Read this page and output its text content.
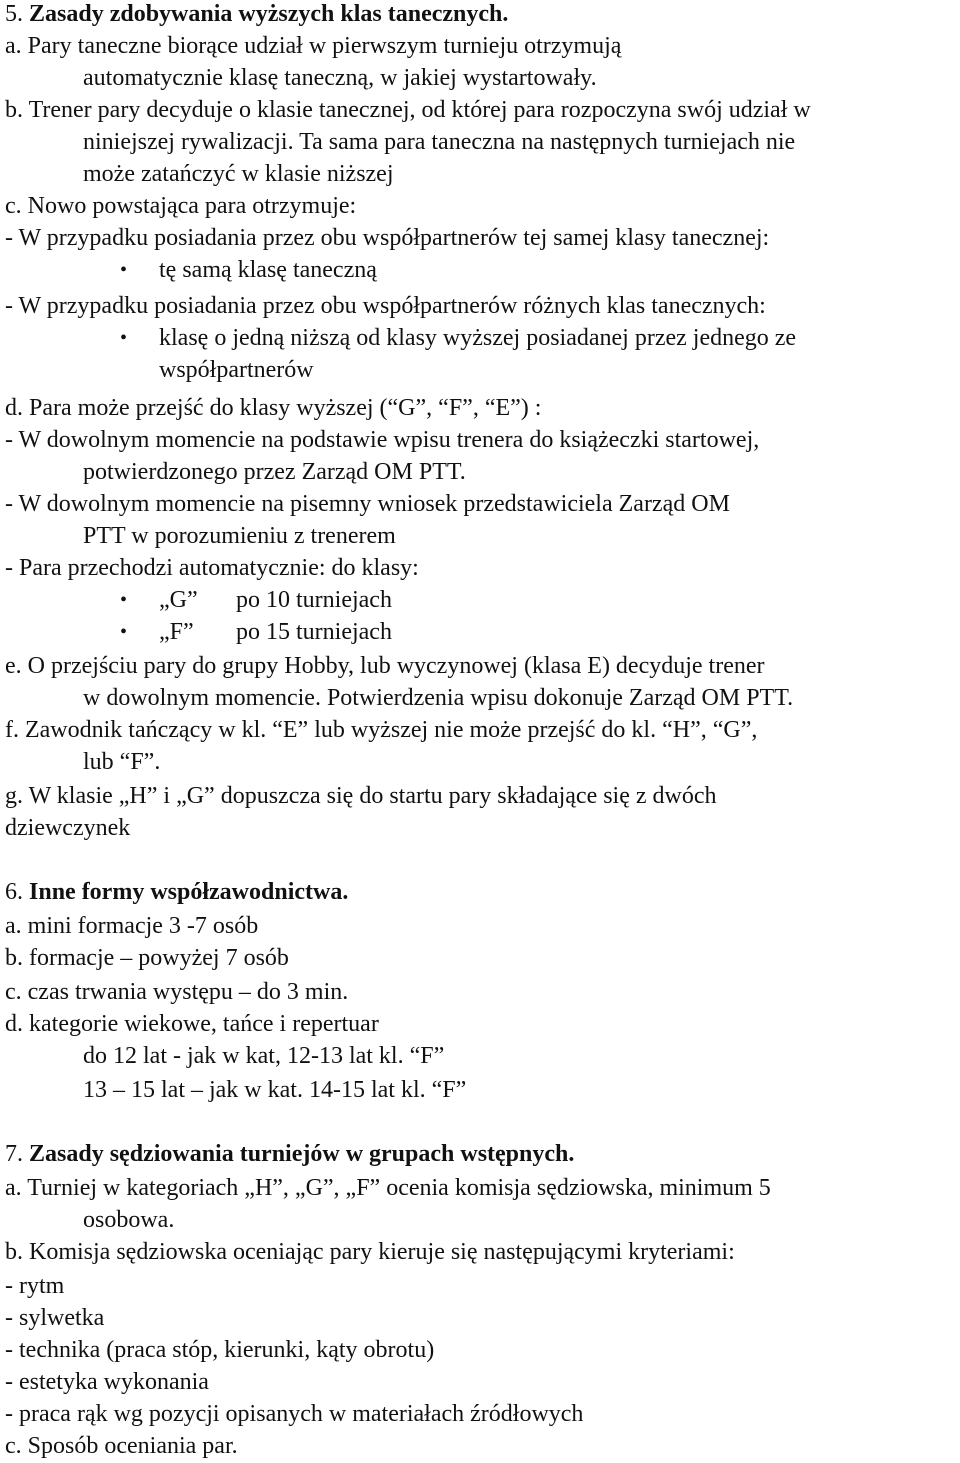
5. Zasady zdobywania wyższych klas tanecznych.
a. Pary taneczne biorące udział w pierwszym turnieju otrzymują
automatycznie klasę taneczną, w jakiej wystartowały.
b. Trener pary decyduje o klasie tanecznej, od której para rozpoczyna swój udział w
niniejszej rywalizacji. Ta sama para taneczna na następnych turniejach nie
może zatańczyć w klasie niższej
c. Nowo powstająca para otrzymuje:
- W przypadku posiadania przez obu współpartnerów tej samej klasy tanecznej:
• tę samą klasę taneczną
- W przypadku posiadania przez obu współpartnerów różnych klas tanecznych:
• klasę o jedną niższą od klasy wyższej posiadanej przez jednego ze
współpartnerów
d. Para może przejść do klasy wyższej (“G”, “F”, “E”) :
- W dowolnym momencie na podstawie wpisu trenera do książeczki startowej,
potwierdzonego przez Zarząd OM PTT.
- W dowolnym momencie na pisemny wniosek przedstawiciela Zarząd OM
PTT w porozumieniu z trenerem
- Para przechodzi automatycznie: do klasy:
• „G” po 10 turniejach
• „F” po 15 turniejach
e. O przejściu pary do grupy Hobby, lub wyczynowej (klasa E) decyduje trener
w dowolnym momencie. Potwierdzenia wpisu dokonuje Zarząd OM PTT.
f. Zawodnik tańczący w kl. “E” lub wyższej nie może przejść do kl. “H”, “G”,
lub “F”.
g. W klasie „H” i „G” dopuszcza się do startu pary składające się z dwóch
dziewczynek
6. Inne formy współzawodnictwa.
a. mini formacje 3 -7 osób
b. formacje – powyżej 7 osób
c. czas trwania występu – do 3 min.
d. kategorie wiekowe, tańce i repertuar
do 12 lat - jak w kat, 12-13 lat kl. “F”
13 – 15 lat – jak w kat. 14-15 lat kl. “F”
7. Zasady sędziowania turniejów w grupach wstępnych.
a. Turniej w kategoriach „H”, „G”, „F” ocenia komisja sędziowska, minimum 5
osobowa.
b. Komisja sędziowska oceniając pary kieruje się następującymi kryteriami:
- rytm
- sylwetka
- technika (praca stóp, kierunki, kąty obrotu)
- estetyka wykonania
- praca rąk wg pozycji opisanych w materiałach źródłowych
c. Sposób oceniania par.
